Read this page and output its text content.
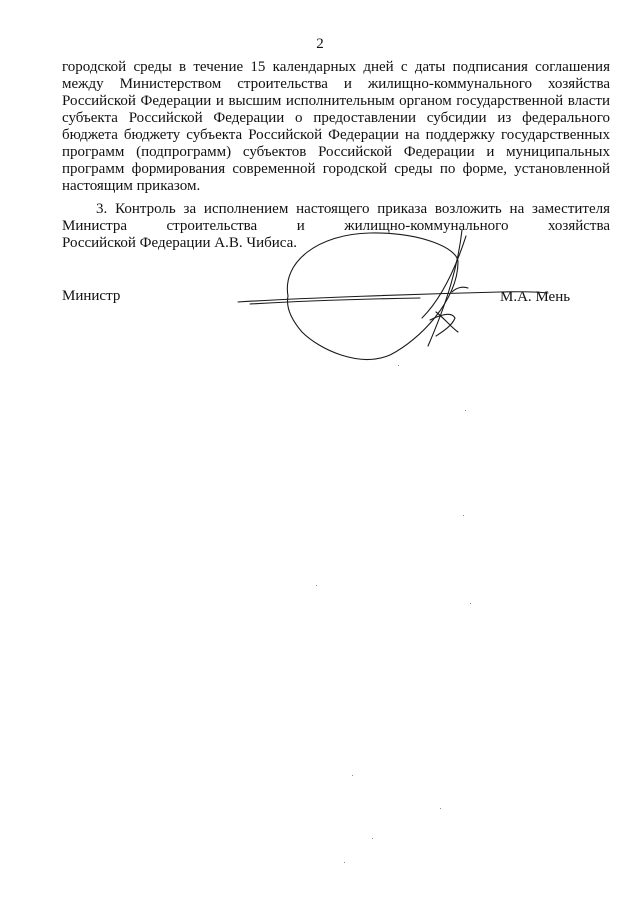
2
городской среды в течение 15 календарных дней с даты подписания соглашения
между Министерством строительства и жилищно-коммунального хозяйства
Российской Федерации и высшим исполнительным органом государственной власти
субъекта Российской Федерации о предоставлении субсидии из федерального
бюджета бюджету субъекта Российской Федерации на поддержку государственных
программ (подпрограмм) субъектов Российской Федерации и муниципальных
программ формирования современной городской среды по форме, установленной
настоящим приказом.
3. Контроль за исполнением настоящего приказа возложить на заместителя
Министра строительства и жилищно-коммунального хозяйства
Российской Федерации А.В. Чибиса.
Министр	М.А. Мень
